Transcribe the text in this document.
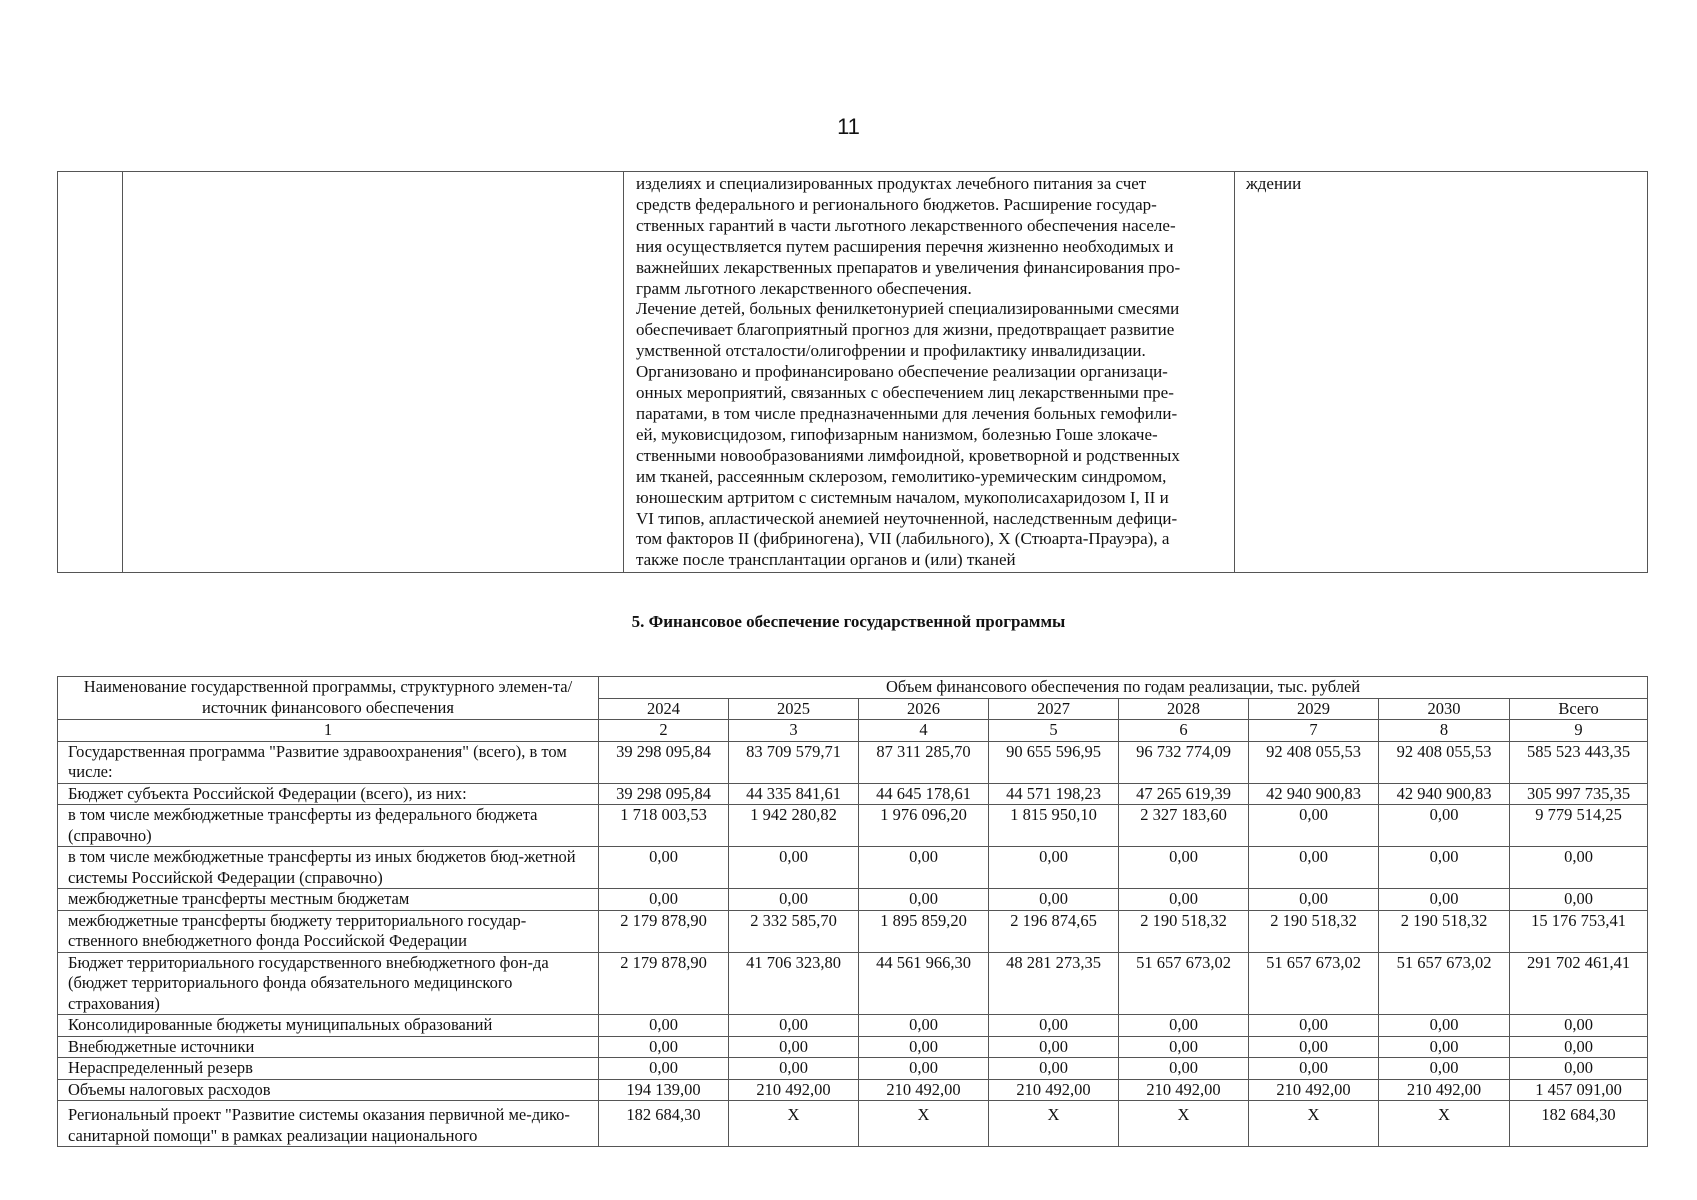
11

изделиях и специализированных продуктах лечебного питания за счет
средств федерального и регионального бюджетов. Расширение государ-
ственных гарантий в части льготного лекарственного обеспечения населе-
ния осуществляется путем расширения перечня жизненно необходимых и
важнейших лекарственных препаратов и увеличения финансирования про-
грамм льготного лекарственного обеспечения.
Лечение детей, больных фенилкетонурией специализированными смесями
обеспечивает благоприятный прогноз для жизни, предотвращает развитие
умственной отсталости/олигофрении и профилактику инвалидизации.
Организовано и профинансировано обеспечение реализации организаци-
онных мероприятий, связанных с обеспечением лиц лекарственными пре-
паратами, в том числе предназначенными для лечения больных гемофили-
ей, муковисцидозом, гипофизарным нанизмом, болезнью Гоше злокаче-
ственными новообразованиями лимфоидной, кроветворной и родственных
им тканей, рассеянным склерозом, гемолитико-уремическим синдромом,
юношеским артритом с системным началом, мукополисахаридозом I, II и
VI типов, апластической анемией неуточненной, наследственным дефици-
том факторов II (фибриногена), VII (лабильного), X (Стюарта-Прауэра), а
также после трансплантации органов и (или) тканей
	ждении
5. Финансовое обеспечение государственной программы
Наименование государственной программы, структурного элемен-та/источник финансового обеспечения	Объем финансового обеспечения по годам реализации, тыс. рублей							
	2024	2025	2026	2027	2028	2029	2030	Всего
1	2	3	4	5	6	7	8	9
Государственная программа "Развитие здравоохранения" (всего), в том числе:	39 298 095,84	83 709 579,71	87 311 285,70	90 655 596,95	96 732 774,09	92 408 055,53	92 408 055,53	585 523 443,35
Бюджет субъекта Российской Федерации (всего), из них:	39 298 095,84	44 335 841,61	44 645 178,61	44 571 198,23	47 265 619,39	42 940 900,83	42 940 900,83	305 997 735,35
в том числе межбюджетные трансферты из федерального бюджета (справочно)	1 718 003,53	1 942 280,82	1 976 096,20	1 815 950,10	2 327 183,60	0,00	0,00	9 779 514,25
в том числе межбюджетные трансферты из иных бюджетов бюд-жетной системы Российской Федерации (справочно)	0,00	0,00	0,00	0,00	0,00	0,00	0,00	0,00
межбюджетные трансферты местным бюджетам	0,00	0,00	0,00	0,00	0,00	0,00	0,00	0,00
межбюджетные трансферты бюджету территориального государ-ственного внебюджетного фонда Российской Федерации	2 179 878,90	2 332 585,70	1 895 859,20	2 196 874,65	2 190 518,32	2 190 518,32	2 190 518,32	15 176 753,41
Бюджет территориального государственного внебюджетного фон-да (бюджет территориального фонда обязательного медицинского страхования)	2 179 878,90	41 706 323,80	44 561 966,30	48 281 273,35	51 657 673,02	51 657 673,02	51 657 673,02	291 702 461,41
Консолидированные бюджеты муниципальных образований	0,00	0,00	0,00	0,00	0,00	0,00	0,00	0,00
Внебюджетные источники	0,00	0,00	0,00	0,00	0,00	0,00	0,00	0,00
Нераспределенный резерв	0,00	0,00	0,00	0,00	0,00	0,00	0,00	0,00
Объемы налоговых расходов	194 139,00	210 492,00	210 492,00	210 492,00	210 492,00	210 492,00	210 492,00	1 457 091,00
Региональный проект "Развитие системы оказания первичной ме-дико-санитарной помощи" в рамках реализации национального	182 684,30	X	X	X	X	X	X	182 684,30
